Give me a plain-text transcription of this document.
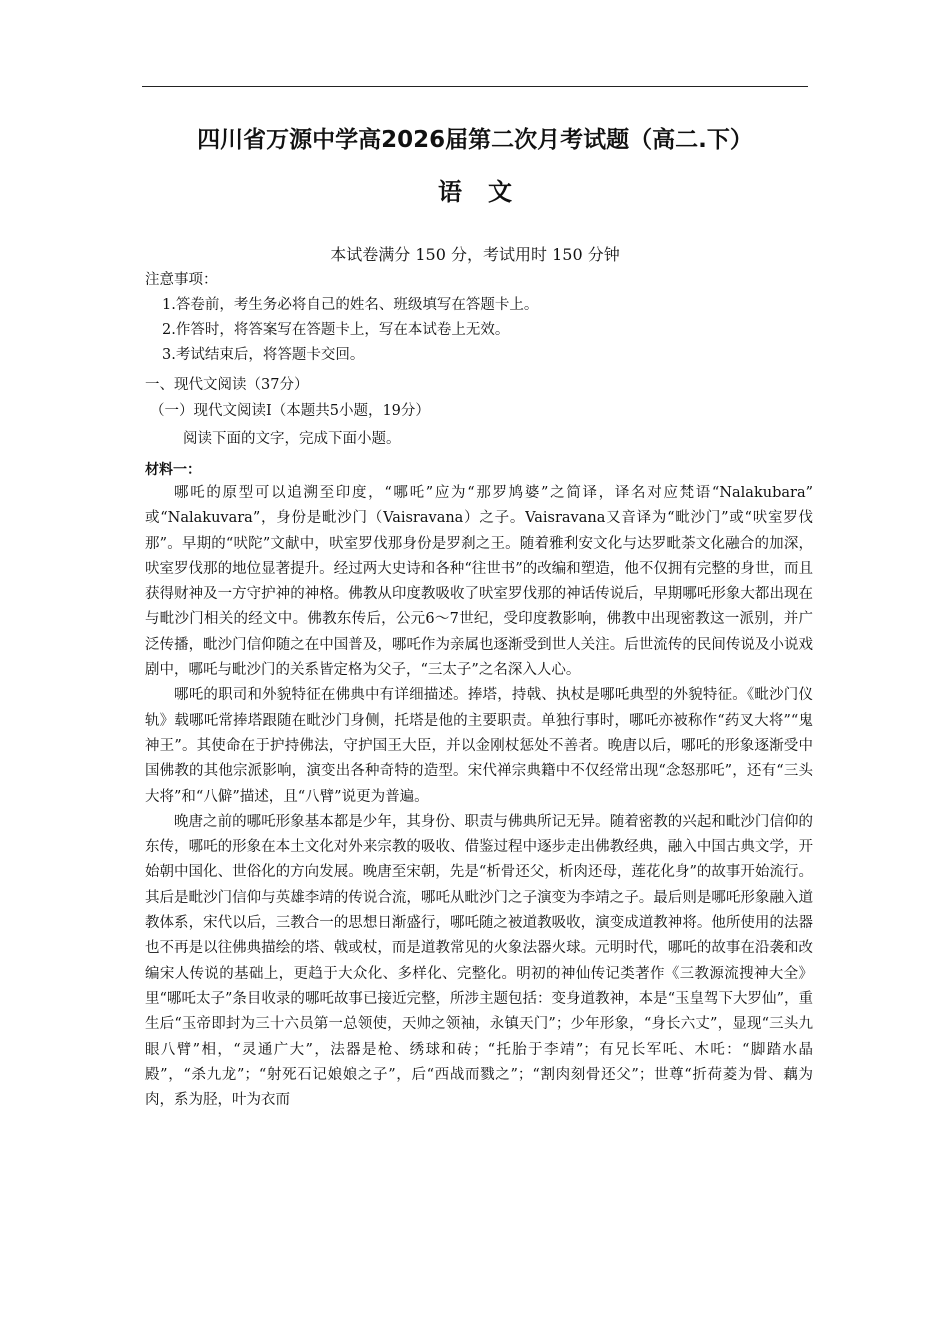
四川省万源中学高2026届第二次月考试题（高二.下）
语文
本试卷满分 150 分，考试用时 150 分钟
注意事项：
1.答卷前，考生务必将自己的姓名、班级填写在答题卡上。
2.作答时，将答案写在答题卡上，写在本试卷上无效。
3.考试结束后，将答题卡交回。
一、现代文阅读（37分）
（一）现代文阅读Ⅰ（本题共5小题，19分）
阅读下面的文字，完成下面小题。
材料一：

哪吒的原型可以追溯至印度，“哪吒”应为“那罗鸠婆”之简译，译名对应梵语“Nalakubara” 或“Nalakuvara”，身份是毗沙门（Vaisravana）之子。Vaisravana又音译为“毗沙门”或“吠室罗伐那”。早期的“吠陀”文献中，吠室罗伐那身份是罗刹之王。随着雅利安文化与达罗毗荼文化融合的加深，吠室罗伐那的地位显著提升。经过两大史诗和各种“往世书”的改编和塑造，他不仅拥有完整的身世，而且获得财神及一方守护神的神格。佛教从印度教吸收了吠室罗伐那的神话传说后，早期哪吒形象大都出现在与毗沙门相关的经文中。佛教东传后，公元6～7世纪，受印度教影响，佛教中出现密教这一派别，并广泛传播，毗沙门信仰随之在中国普及，哪吒作为亲属也逐渐受到世人关注。后世流传的民间传说及小说戏剧中，哪吒与毗沙门的关系皆定格为父子，“三太子”之名深入人心。

哪吒的职司和外貌特征在佛典中有详细描述。捧塔，持戟、执杖是哪吒典型的外貌特征。《毗沙门仪轨》载哪吒常捧塔跟随在毗沙门身侧，托塔是他的主要职责。单独行事时，哪吒亦被称作“药叉大将”“鬼神王”。其使命在于护持佛法，守护国王大臣，并以金刚杖惩处不善者。晚唐以后，哪吒的形象逐渐受中国佛教的其他宗派影响，演变出各种奇特的造型。宋代禅宗典籍中不仅经常出现“念怒那吒”，还有“三头大将”和“八僻”描述，且“八臂”说更为普遍。

晚唐之前的哪吒形象基本都是少年，其身份、职责与佛典所记无异。随着密教的兴起和毗沙门信仰的东传，哪吒的形象在本土文化对外来宗教的吸收、借鉴过程中逐步走出佛教经典，融入中国古典文学，开始朝中国化、世俗化的方向发展。晚唐至宋朝，先是“析骨还父，析肉还母，莲花化身”的故事开始流行。其后是毗沙门信仰与英雄李靖的传说合流，哪吒从毗沙门之子演变为李靖之子。最后则是哪吒形象融入道教体系，宋代以后，三教合一的思想日渐盛行，哪吒随之被道教吸收，演变成道教神将。他所使用的法器也不再是以往佛典描绘的塔、戟或杖，而是道教常见的火象法器火球。元明时代，哪吒的故事在沿袭和改编宋人传说的基础上，更趋于大众化、多样化、完整化。明初的神仙传记类著作《三教源流搜神大全》里“哪吒太子”条目收录的哪吒故事已接近完整，所涉主题包括：变身道教神，本是“玉皇驾下大罗仙”，重生后“玉帝即封为三十六员第一总领使，天帅之领袖，永镇天门”；少年形象，“身长六丈”，显现“三头九眼八臂”相，“灵通广大”，法器是枪、绣球和砖；“托胎于李靖”；有兄长军吒、木吒：“脚踏水晶殿”，“杀九龙”；“射死石记娘娘之子”，后“西战而戮之”；“割肉刻骨还父”；世尊“折荷菱为骨、藕为肉，系为胫，叶为衣而
